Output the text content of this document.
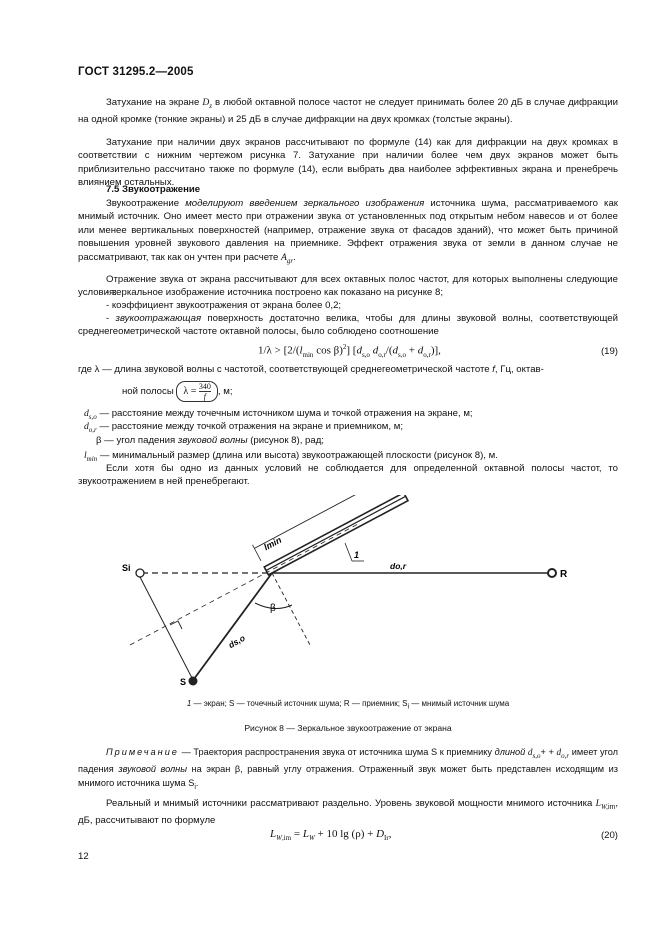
ГОСТ 31295.2—2005
Затухание на экране $D_z$ в любой октавной полосе частот не следует принимать более 20 дБ в случае дифракции на одной кромке (тонкие экраны) и 25 дБ в случае дифракции на двух кромках (толстые экраны).
Затухание при наличии двух экранов рассчитывают по формуле (14) как для дифракции на двух кромках в соответствии с нижним чертежом рисунка 7. Затухание при наличии более чем двух экранов может быть приблизительно рассчитано также по формуле (14), если выбрать два наиболее эффективных экрана и пренебречь влиянием остальных.
7.5 Звукоотражение
Звукоотражение моделируют введением зеркального изображения источника шума, рассматриваемого как мнимый источник. Оно имеет место при отражении звука от установленных под открытым небом навесов и от более или менее вертикальных поверхностей (например, отражение звука от фасадов зданий), что может быть причиной повышения уровней звукового давления на приемнике. Эффект отражения звука от земли в данном случае не рассматривают, так как он учтен при расчете $A_{gr}$.
Отражение звука от экрана рассчитывают для всех октавных полос частот, для которых выполнены следующие условия:
- зеркальное изображение источника построено как показано на рисунке 8;
- коэффициент звукоотражения от экрана более 0,2;
- звукоотражающая поверхность достаточно велика, чтобы для длины звуковой волны, соответствующей среднегеометрической частоте октавной полосы, было соблюдено соотношение
$1/\lambda > [2/(l_{min}$ cos β)$^2$] [$d_{s,o}$ $d_{o,r}/(d_{s,o} + d_{o,r})$],	(19)
где λ — длина звуковой волны с частотой, соответствующей среднегеометрической частоте f, Гц, октав-
ной полосы $\lambda = \frac{340}{f}$ , м;
$d_{s,o}$ — расстояние между точечным источником шума и точкой отражения на экране, м;
$d_{o,r}$ — расстояние между точкой отражения на экране и приемником, м;
β — угол падения звуковой волны (рисунок 8), рад;
$l_{min}$ — минимальный размер (длина или высота) звукоотражающей плоскости (рисунок 8), м.
Если хотя бы одно из данных условий не соблюдается для определенной октавной полосы частот, то звукоотражением в ней пренебрегают.
Si
S
R
lmin
1
do,r
ds,o
β
1 — экран; S — точечный источник шума; R — приемник; $S_i$ — мнимый источник шума
Рисунок 8 — Зеркальное звукоотражение от экрана
Примечание — Траектория распространения звука от источника шума S к приемнику длиной $d_{s,o}+ + d_{o,r}$ имеет угол падения звуковой волны на экран β, равный углу отражения. Отраженный звук может быть представлен исходящим из мнимого источника шума $S_i$.
Реальный и мнимый источники рассматривают раздельно. Уровень звуковой мощности мнимого источника $L_{W,im}$, дБ, рассчитывают по формуле
$L_{W,im} = L_W + 10$ $\lg (\rho) + D_{Ir}$,	(20)
12
